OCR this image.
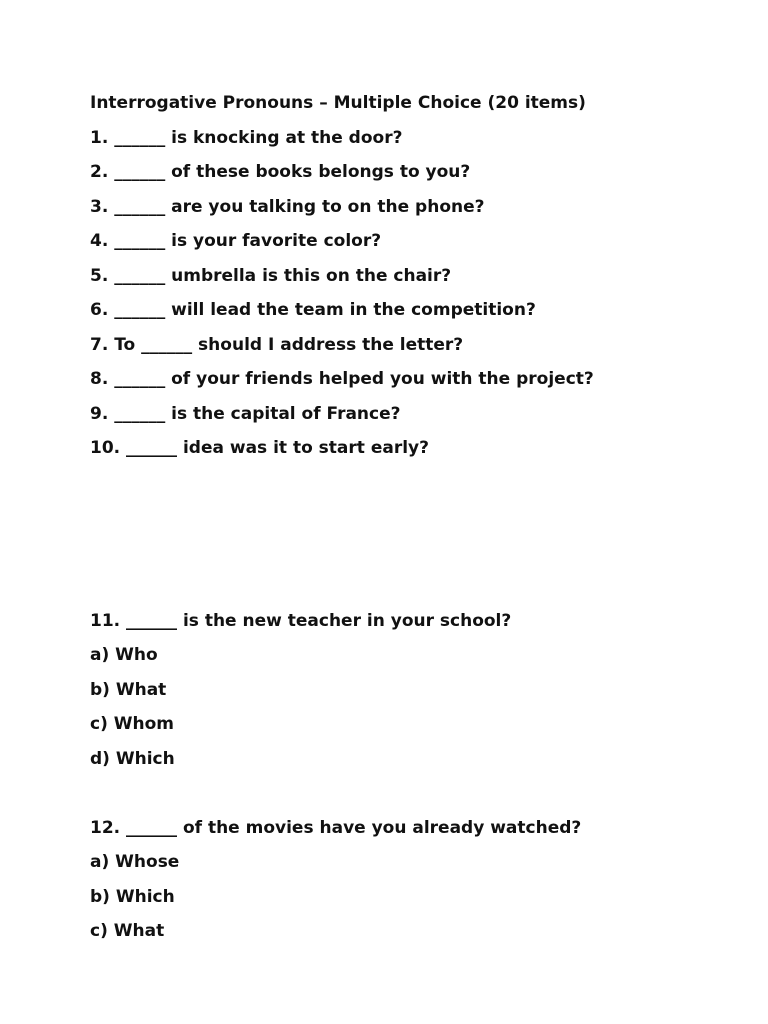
Interrogative Pronouns – Multiple Choice (20 items)
1. ______ is knocking at the door?
2. ______ of these books belongs to you?
3. ______ are you talking to on the phone?
4. ______ is your favorite color?
5. ______ umbrella is this on the chair?
6. ______ will lead the team in the competition?
7. To ______ should I address the letter?
8. ______ of your friends helped you with the project?
9. ______ is the capital of France?
10. ______ idea was it to start early?
11. ______ is the new teacher in your school?
a) Who
b) What
c) Whom
d) Which
12. ______ of the movies have you already watched?
a) Whose
b) Which
c) What
